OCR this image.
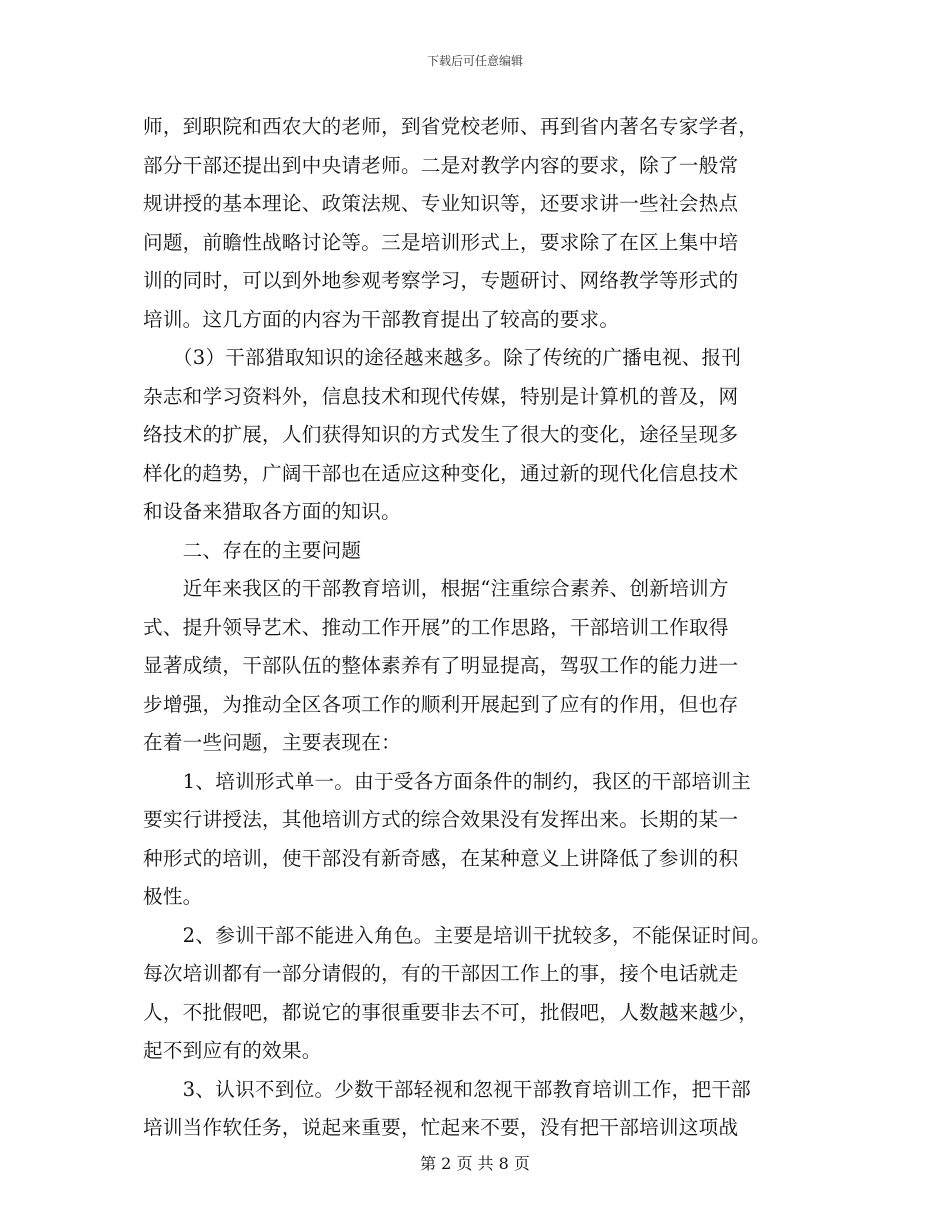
下载后可任意编辑
师，到职院和西农大的老师，到省党校老师、再到省内著名专家学者，
部分干部还提出到中央请老师。二是对教学内容的要求，除了一般常
规讲授的基本理论、政策法规、专业知识等，还要求讲一些社会热点
问题，前瞻性战略讨论等。三是培训形式上，要求除了在区上集中培
训的同时，可以到外地参观考察学习，专题研讨、网络教学等形式的
培训。这几方面的内容为干部教育提出了较高的要求。
　　（3）干部猎取知识的途径越来越多。除了传统的广播电视、报刊
杂志和学习资料外，信息技术和现代传媒，特别是计算机的普及，网
络技术的扩展，人们获得知识的方式发生了很大的变化，途径呈现多
样化的趋势，广阔干部也在适应这种变化，通过新的现代化信息技术
和设备来猎取各方面的知识。
　　二、存在的主要问题
　　近年来我区的干部教育培训，根据“注重综合素养、创新培训方
式、提升领导艺术、推动工作开展”的工作思路，干部培训工作取得
显著成绩，干部队伍的整体素养有了明显提高，驾驭工作的能力进一
步增强，为推动全区各项工作的顺利开展起到了应有的作用，但也存
在着一些问题，主要表现在：
　　1、培训形式单一。由于受各方面条件的制约，我区的干部培训主
要实行讲授法，其他培训方式的综合效果没有发挥出来。长期的某一
种形式的培训，使干部没有新奇感，在某种意义上讲降低了参训的积
极性。
　　2、参训干部不能进入角色。主要是培训干扰较多，不能保证时间。
每次培训都有一部分请假的，有的干部因工作上的事，接个电话就走
人，不批假吧，都说它的事很重要非去不可，批假吧，人数越来越少，
起不到应有的效果。
　　3、认识不到位。少数干部轻视和忽视干部教育培训工作，把干部
培训当作软任务，说起来重要，忙起来不要，没有把干部培训这项战
第 2 页 共 8 页
